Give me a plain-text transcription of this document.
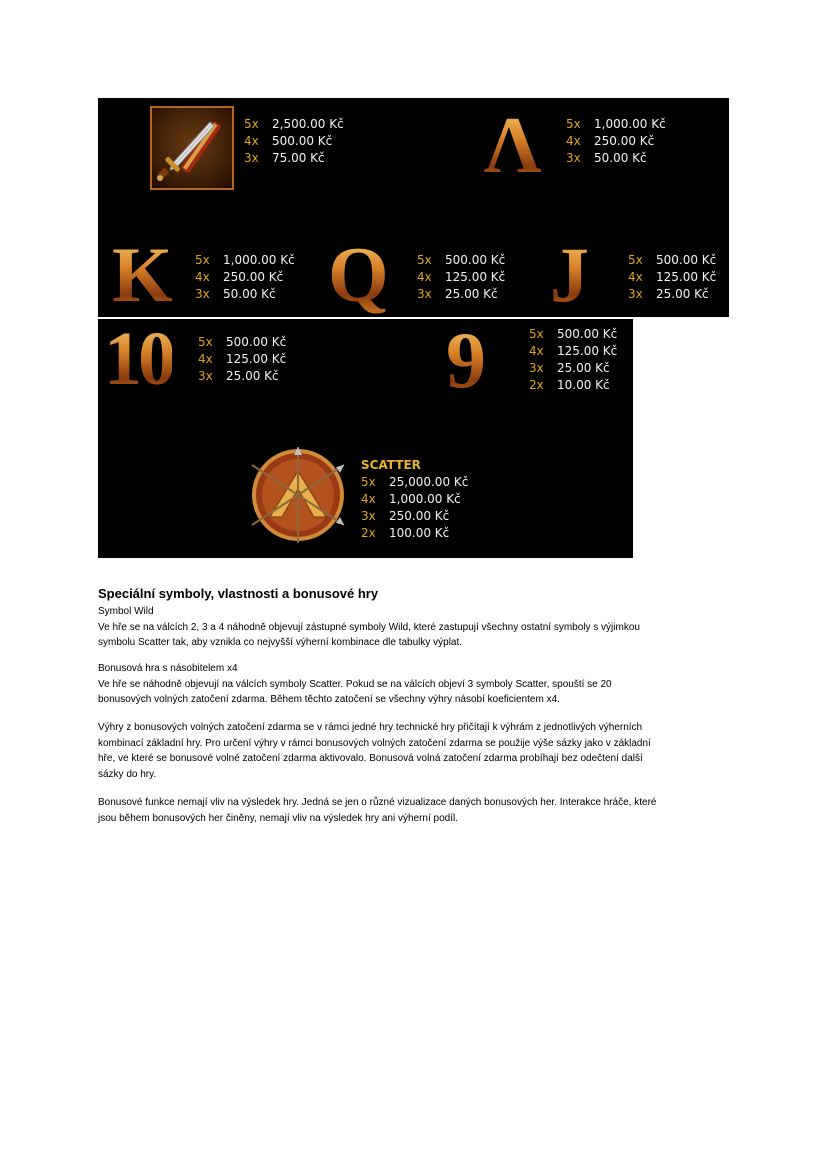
5x 2,500.00 Kč
4x 500.00 Kč
3x 75.00 Kč Λ 5x 1,000.00 Kč
4x 250.00 Kč
3x 50.00 Kč
K 5x 1,000.00 Kč
4x 250.00 Kč
3x 50.00 Kč Q 5x 500.00 Kč
4x 125.00 Kč
3x 25.00 Kč J	5x 500.00 Kč
4x 125.00 Kč
3x 25.00 Kč
10 5x 500.00 Kč
4x 125.00 Kč
3x 25.00 Kč 9	5x 500.00 Kč
4x 125.00 Kč
3x 25.00 Kč
2x 10.00 Kč
SCATTER
5x 25,000.00 Kč
4x 1,000.00 Kč
3x 250.00 Kč
2x 100.00 Kč
Speciální symboly, vlastnosti a bonusové hry
Symbol Wild
Ve hře se na válcích 2, 3 a 4 náhodně objevují zástupné symboly Wild, které zastupují všechny ostatní symboly s výjimkou
symbolu Scatter tak, aby vznikla co nejvyšší výherní kombinace dle tabulky výplat.
Bonusová hra s násobitelem x4
Ve hře se náhodně objevují na válcích symboly Scatter. Pokud se na válcích objeví 3 symboly Scatter, spouští se 20
bonusových volných zatočení zdarma. Během těchto zatočení se všechny výhry násobí koeficientem x4.
Výhry z bonusových volných zatočení zdarma se v rámci jedné hry technické hry přičítají k výhrám z jednotlivých výherních
kombinací základní hry. Pro určení výhry v rámci bonusových volných zatočení zdarma se použije výše sázky jako v základní
hře, ve které se bonusové volné zatočení zdarma aktivovalo. Bonusová volná zatočení zdarma probíhají bez odečtení další
sázky do hry.
Bonusové funkce nemají vliv na výsledek hry. Jedná se jen o různé vizualizace daných bonusových her. Interakce hráče, které
jsou během bonusových her činěny, nemají vliv na výsledek hry ani výherní podíl.
